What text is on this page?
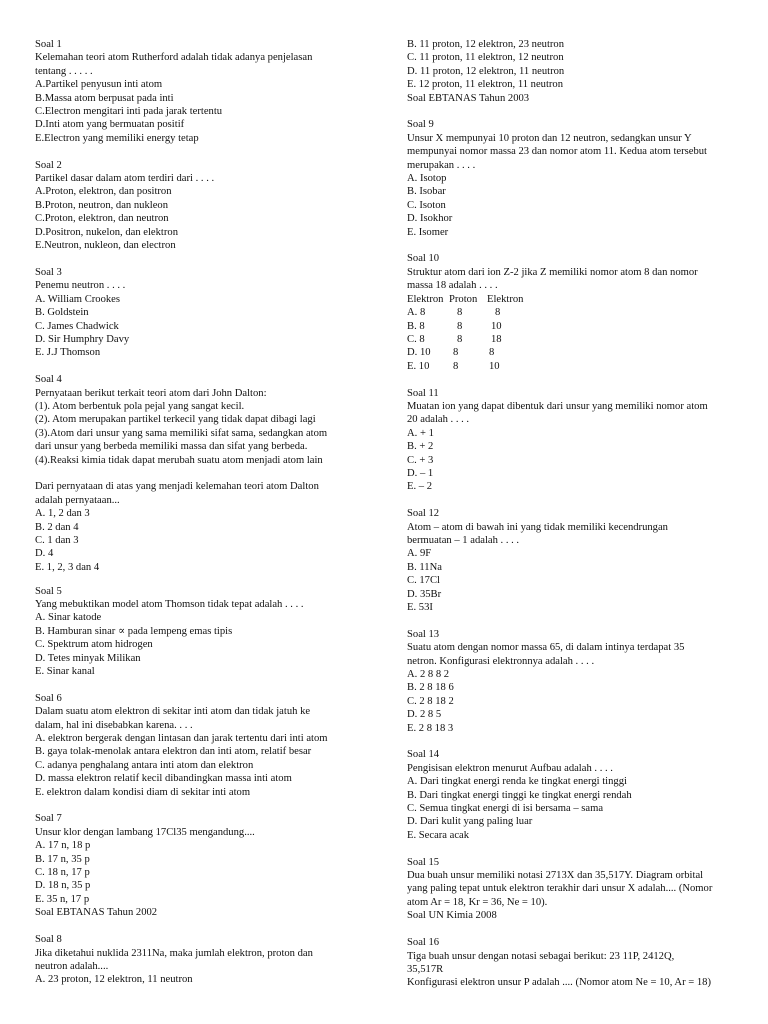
Soal 1
Kelemahan teori atom Rutherford adalah tidak adanya penjelasan
tentang . . . . .
A.Partikel penyusun inti atom
B.Massa atom berpusat pada inti
C.Electron mengitari inti pada jarak tertentu
D.Inti atom yang bermuatan positif
E.Electron yang memiliki energy tetap
Soal 2
Partikel dasar dalam atom terdiri dari . . . .
A.Proton, elektron, dan positron
B.Proton, neutron, dan nukleon
C.Proton, elektron, dan neutron
D.Positron, nukelon, dan elektron
E.Neutron, nukleon, dan electron
Soal 3
Penemu neutron . . . .
A. William Crookes
B. Goldstein
C. James Chadwick
D. Sir Humphry Davy
E. J.J Thomson
Soal 4
Pernyataan berikut terkait teori atom dari John Dalton:
(1). Atom berbentuk pola pejal yang sangat kecil.
(2). Atom merupakan partikel terkecil yang tidak dapat dibagi lagi
(3).Atom dari unsur yang sama memiliki sifat sama, sedangkan atom
dari unsur yang berbeda memiliki massa dan sifat yang berbeda.
(4).Reaksi kimia tidak dapat merubah suatu atom menjadi atom lain
Dari pernyataan di atas yang menjadi kelemahan teori atom Dalton
adalah pernyataan...
A. 1, 2 dan 3
B. 2 dan 4
C. 1 dan 3
D. 4
E. 1, 2, 3 dan 4
Soal 5
Yang mebuktikan model atom Thomson tidak tepat adalah . . . .
A. Sinar katode
B. Hamburan sinar ∝ pada lempeng emas tipis
C. Spektrum atom hidrogen
D. Tetes minyak Milikan
E. Sinar kanal
Soal 6
Dalam suatu atom elektron di sekitar inti atom dan tidak jatuh ke
dalam, hal ini disebabkan karena. . . .
A. elektron bergerak dengan lintasan dan jarak tertentu dari inti atom
B. gaya tolak-menolak antara elektron dan inti atom, relatif besar
C. adanya penghalang antara inti atom dan elektron
D. massa elektron relatif kecil dibandingkan massa inti atom
E. elektron dalam kondisi diam di sekitar inti atom
Soal 7
Unsur klor dengan lambang 17Cl35 mengandung....
A. 17 n, 18 p
B. 17 n, 35 p
C. 18 n, 17 p
D. 18 n, 35 p
E. 35 n, 17 p
Soal EBTANAS Tahun 2002
Soal 8
Jika diketahui nuklida 2311Na, maka jumlah elektron, proton dan
neutron adalah....
A. 23 proton, 12 elektron, 11 neutron
B. 11 proton, 12 elektron, 23 neutron
C. 11 proton, 11 elektron, 12 neutron
D. 11 proton, 12 elektron, 11 neutron
E. 12 proton, 11 elektron, 11 neutron
Soal EBTANAS Tahun 2003
Soal 9
Unsur X mempunyai 10 proton dan 12 neutron, sedangkan unsur Y
mempunyai nomor massa 23 dan nomor atom 11. Kedua atom tersebut
merupakan . . . .
A. Isotop
B. Isobar
C. Isoton
D. Isokhor
E. Isomer
Soal 10
Struktur atom dari ion Z-2 jika Z memiliki nomor atom 8 dan nomor
massa 18 adalah . . . .
Elektron Proton Elektron
A. 8	8	8
B. 8	8	10
C. 8	8	18
D. 10	8	8
E. 10	8	10
Soal 11
Muatan ion yang dapat dibentuk dari unsur yang memiliki nomor atom
20 adalah . . . .
A. + 1
B. + 2
C. + 3
D. – 1
E. – 2
Soal 12
Atom – atom di bawah ini yang tidak memiliki kecendrungan
bermuatan – 1 adalah . . . .
A. 9F
B. 11Na
C. 17Cl
D. 35Br
E. 53I
Soal 13
Suatu atom dengan nomor massa 65, di dalam intinya terdapat 35
netron. Konfigurasi elektronnya adalah . . . .
A. 2 8 8 2
B. 2 8 18 6
C. 2 8 18 2
D. 2 8 5
E. 2 8 18 3
Soal 14
Pengisisan elektron menurut Aufbau adalah . . . .
A. Dari tingkat energi renda ke tingkat energi tinggi
B. Dari tingkat energi tinggi ke tingkat energi rendah
C. Semua tingkat energi di isi bersama – sama
D. Dari kulit yang paling luar
E. Secara acak
Soal 15
Dua buah unsur memiliki notasi 2713X dan 35,517Y. Diagram orbital
yang paling tepat untuk elektron terakhir dari unsur X adalah.... (Nomor
atom Ar = 18, Kr = 36, Ne = 10).
Soal UN Kimia 2008
Soal 16
Tiga buah unsur dengan notasi sebagai berikut: 23 11P, 2412Q,
35,517R
Konfigurasi elektron unsur P adalah .... (Nomor atom Ne = 10, Ar = 18)
